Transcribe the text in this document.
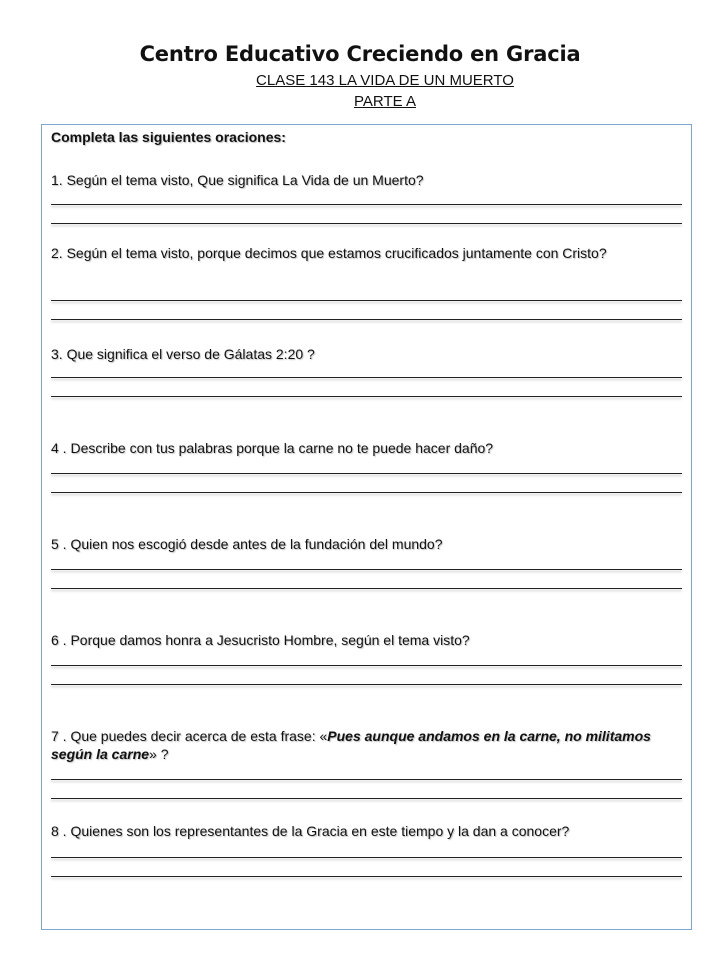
Centro Educativo Creciendo en Gracia
CLASE 143 LA VIDA DE UN MUERTO
PARTE A
Completa las siguientes oraciones:
1. Según el tema visto, Que significa La Vida de un Muerto?
2. Según el tema visto, porque decimos que estamos crucificados juntamente con Cristo?
3. Que significa el verso de Gálatas 2:20 ?
4 . Describe con tus palabras porque la carne no te puede hacer daño?
5 . Quien nos escogió desde antes de la fundación del mundo?
6 . Porque damos honra a Jesucristo Hombre, según el tema visto?
7 . Que puedes decir acerca de esta frase: «Pues aunque andamos en la carne, no militamos según la carne» ?
8 . Quienes son los representantes de la Gracia en este tiempo y la dan a conocer?
